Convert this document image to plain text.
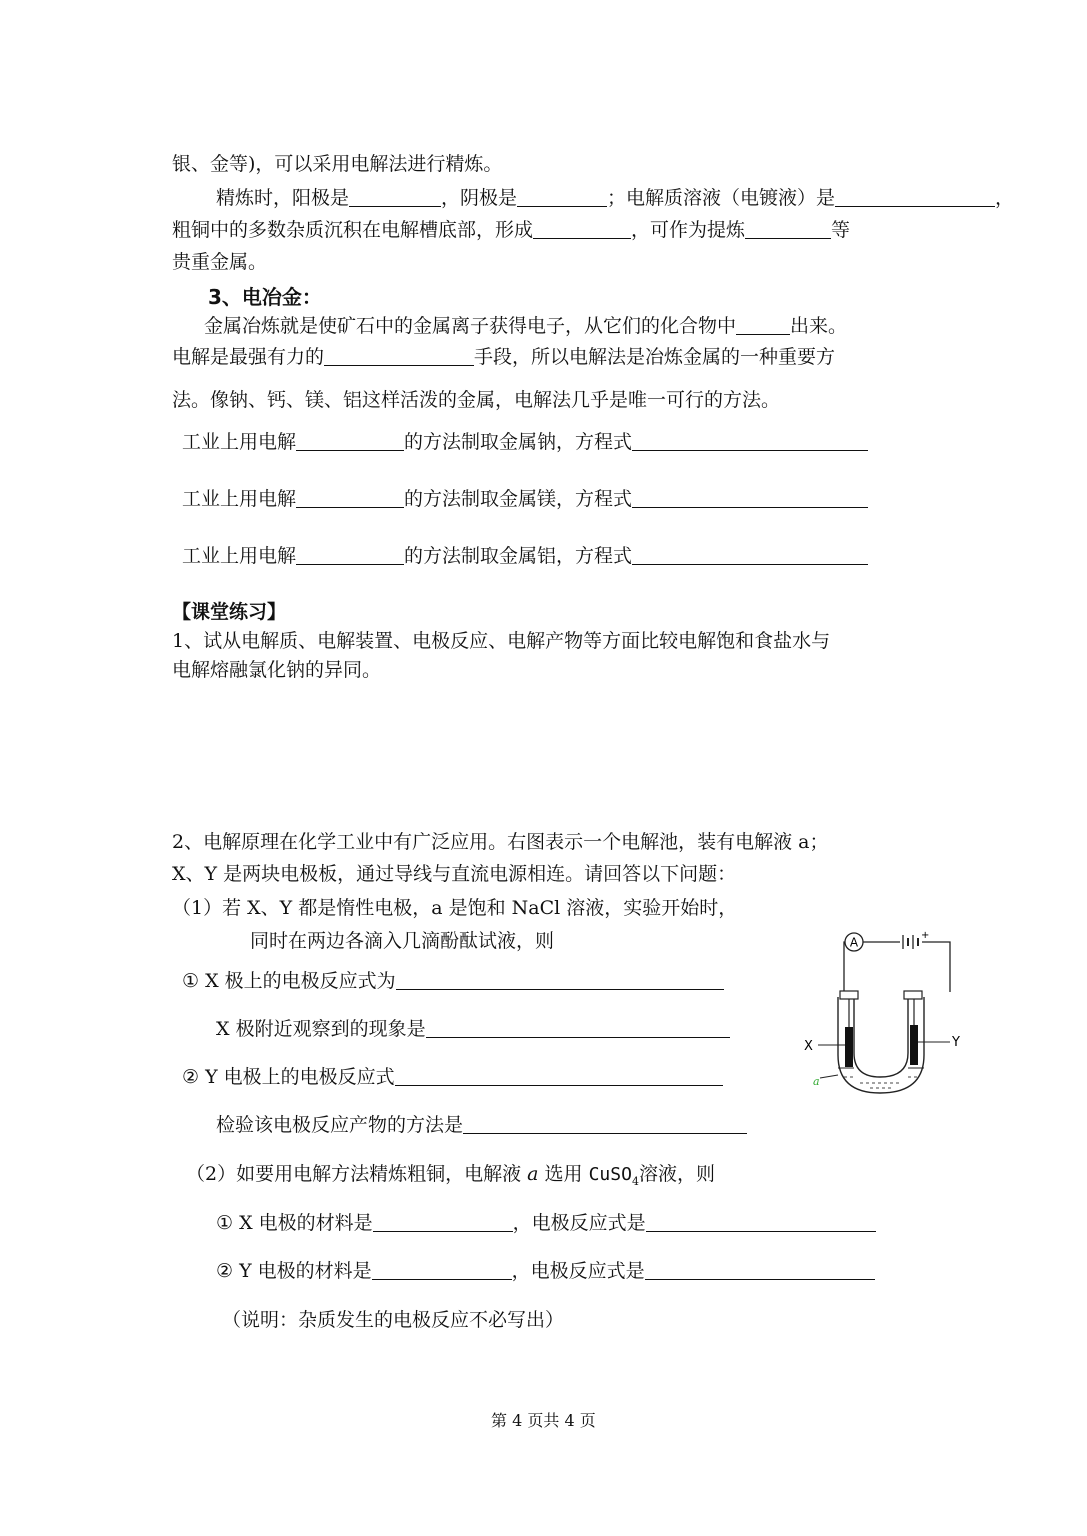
银、金等)，可以采用电解法进行精炼。
精炼时，阳极是	，阴极是	；电解质溶液（电镀液）是	，
粗铜中的多数杂质沉积在电解槽底部，形成	，可作为提炼	等
贵重金属。
3、电冶金：
金属冶炼就是使矿石中的金属离子获得电子，从它们的化合物中	出来。
电解是最强有力的	手段，所以电解法是冶炼金属的一种重要方
法。像钠、钙、镁、铝这样活泼的金属，电解法几乎是唯一可行的方法。
工业上用电解	的方法制取金属钠，方程式
工业上用电解	的方法制取金属镁，方程式
工业上用电解	的方法制取金属铝，方程式
【课堂练习】
1、试从电解质、电解装置、电极反应、电解产物等方面比较电解饱和食盐水与
电解熔融氯化钠的异同。
2、电解原理在化学工业中有广泛应用。右图表示一个电解池，装有电解液 a；
X、Y 是两块电极板，通过导线与直流电源相连。请回答以下问题：
（1）若 X、Y 都是惰性电极，a 是饱和 NaCl 溶液，实验开始时，
同时在两边各滴入几滴酚酞试液，则
① X 极上的电极反应式为
X 极附近观察到的现象是
② Y 电极上的电极反应式
检验该电极反应产物的方法是
（2）如要用电解方法精炼粗铜，电解液 a 选用 CuSO$_4$溶液，则
① X 电极的材料是	，电极反应式是
② Y 电极的材料是	，电极反应式是
（说明：杂质发生的电极反应不必写出）
A	+
X	Y
a
第 4 页共 4 页
